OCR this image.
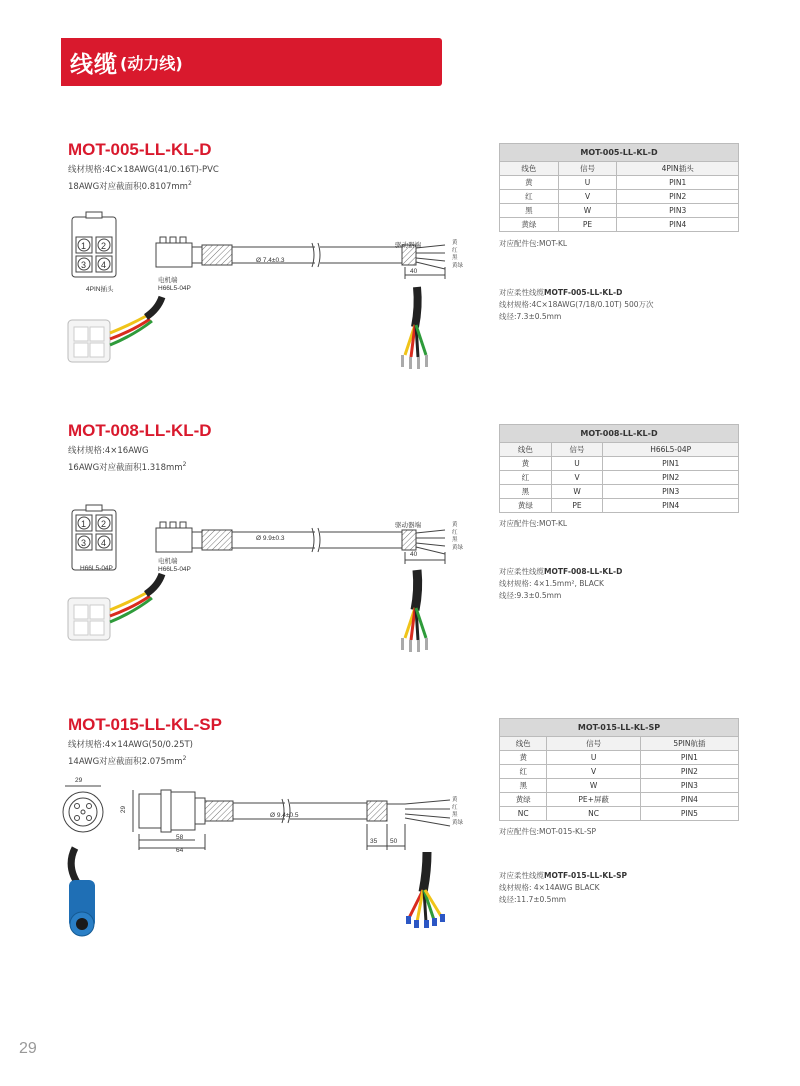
线缆 (动力线)
MOT-005-LL-KL-D
线材规格:4C×18AWG(41/0.16T)-PVC
18AWG对应截面积$0.8107mm^2$
1 2
3 4
4PIN插头
电机端
H66L5-04P
Ø 7.4±0.3
驱动器端
40
黄
红
黑
黄绿
MOT-005-LL-KL-D		
线色	信号	4PIN插头
黄	U	PIN1
红	V	PIN2
黑	W	PIN3
黄绿	PE	PIN4
对应配件包:MOT-KL
对应柔性线缆MOTF-005-LL-KL-D
线材规格:4C×18AWG(7/18/0.10T) 500万次
线径:7.3±0.5mm
MOT-008-LL-KL-D
线材规格:4×16AWG
16AWG对应截面积$1.318mm^2$
1 2
3 4
H66L5-04P
电机端
H66L5-04P
Ø 9.9±0.3
驱动器端
40
黄
红
黑
黄绿
MOT-008-LL-KL-D		
线色	信号	H66L5-04P
黄	U	PIN1
红	V	PIN2
黑	W	PIN3
黄绿	PE	PIN4
对应配件包:MOT-KL
对应柔性线缆MOTF-008-LL-KL-D
线材规格: 4×1.5mm², BLACK
线径:9.3±0.5mm
MOT-015-LL-KL-SP
线材规格:4×14AWG(50/0.25T)
14AWG对应截面积$2.075mm^2$
29
29
58
64
35 50
Ø 9.4±0.5
黄
红
黑
黄绿
MOT-015-LL-KL-SP		
线色	信号	5PIN航插
黄	U	PIN1
红	V	PIN2
黑	W	PIN3
黄绿	PE+屏蔽	PIN4
NC	NC	PIN5
对应配件包:MOT-015-KL-SP
对应柔性线缆MOTF-015-LL-KL-SP
线材规格: 4×14AWG BLACK
线径:11.7±0.5mm
29
